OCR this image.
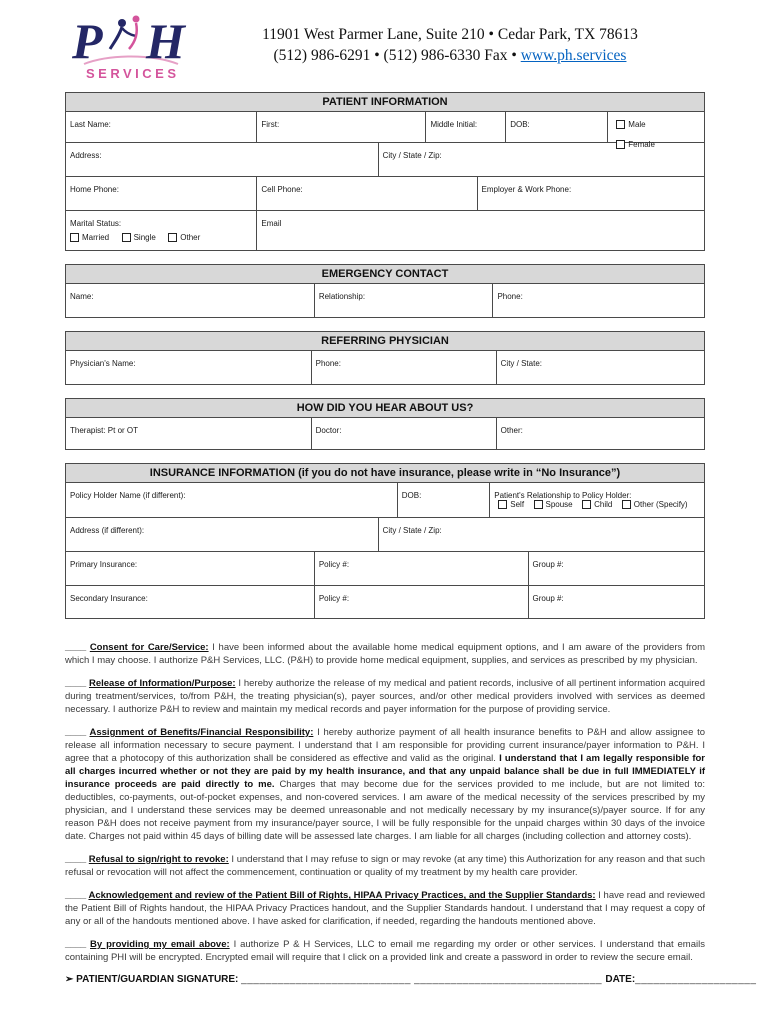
P H
SERVICES
11901 West Parmer Lane, Suite 210 • Cedar Park, TX 78613
(512) 986-6291 • (512) 986-6330 Fax • www.ph.services
PATIENT INFORMATION
Last Name:	First:	Middle Initial:	DOB:	Male
Female
Address:	City / State / Zip:
Home Phone:	Cell Phone:	Employer & Work Phone:
Marital Status:
Married	Single	Other
Email
EMERGENCY CONTACT
Name:	Relationship:	Phone:
REFERRING PHYSICIAN
Physician's Name:	Phone:	City / State:
HOW DID YOU HEAR ABOUT US?
Therapist: Pt or OT	Doctor:	Other:
INSURANCE INFORMATION (if you do not have insurance, please write in “No Insurance”)
Policy Holder Name (if different):	DOB:	Patient's Relationship to Policy Holder:
Self	Spouse	Child	Other (Specify)
Address (if different):	City / State / Zip:
Primary Insurance:	Policy #:	Group #:
Secondary Insurance:	Policy #:	Group #:

____ Consent for Care/Service: I have been informed about the available home medical equipment options, and I am aware of the providers from which I may choose. I authorize P&H Services, LLC. (P&H) to provide home medical equipment, supplies, and services as prescribed by my physician.

____ Release of Information/Purpose: I hereby authorize the release of my medical and patient records, inclusive of all pertinent information acquired during treatment/services, to/from P&H, the treating physician(s), payer sources, and/or other medical providers involved with services as deemed necessary. I authorize P&H to review and maintain my medical records and payer information for the purpose of providing service.

____ Assignment of Benefits/Financial Responsibility: I hereby authorize payment of all health insurance benefits to P&H and allow assignee to release all information necessary to secure payment. I understand that I am responsible for providing current insurance/payer information to P&H. I agree that a photocopy of this authorization shall be considered as effective and valid as the original. I understand that I am legally responsible for all charges incurred whether or not they are paid by my health insurance, and that any unpaid balance shall be due in full IMMEDIATELY if insurance proceeds are paid directly to me. Charges that may become due for the services provided to me include, but are not limited to: deductibles, co-payments, out-of-pocket expenses, and non-covered services. I am aware of the medical necessity of the services prescribed by my physician, and I understand these services may be deemed unreasonable and not medically necessary by my insurance(s)/payer source. If for any reason P&H does not receive payment from my insurance/payer source, I will be fully responsible for the unpaid charges within 30 days of the invoice date. Charges not paid within 45 days of billing date will be assessed late charges. I am liable for all charges (including collection and attorney costs).

____ Refusal to sign/right to revoke: I understand that I may refuse to sign or may revoke (at any time) this Authorization for any reason and that such refusal or revocation will not affect the commencement, continuation or quality of my treatment by my health care provider.

____ Acknowledgement and review of the Patient Bill of Rights, HIPAA Privacy Practices, and the Supplier Standards: I have read and reviewed the Patient Bill of Rights handout, the HIPAA Privacy Practices handout, and the Supplier Standards handout. I understand that I may request a copy of any or all of the handouts mentioned above. I have asked for clarification, if needed, regarding the handouts mentioned above.

____ By providing my email above: I authorize P & H Services, LLC to email me regarding my order or other services. I understand that emails containing PHI will be encrypted. Encrypted email will require that I click on a provided link and create a password in order to review the secure email.

➢ PATIENT/GUARDIAN SIGNATURE: ____________________________ _______________________________ DATE:____________________
